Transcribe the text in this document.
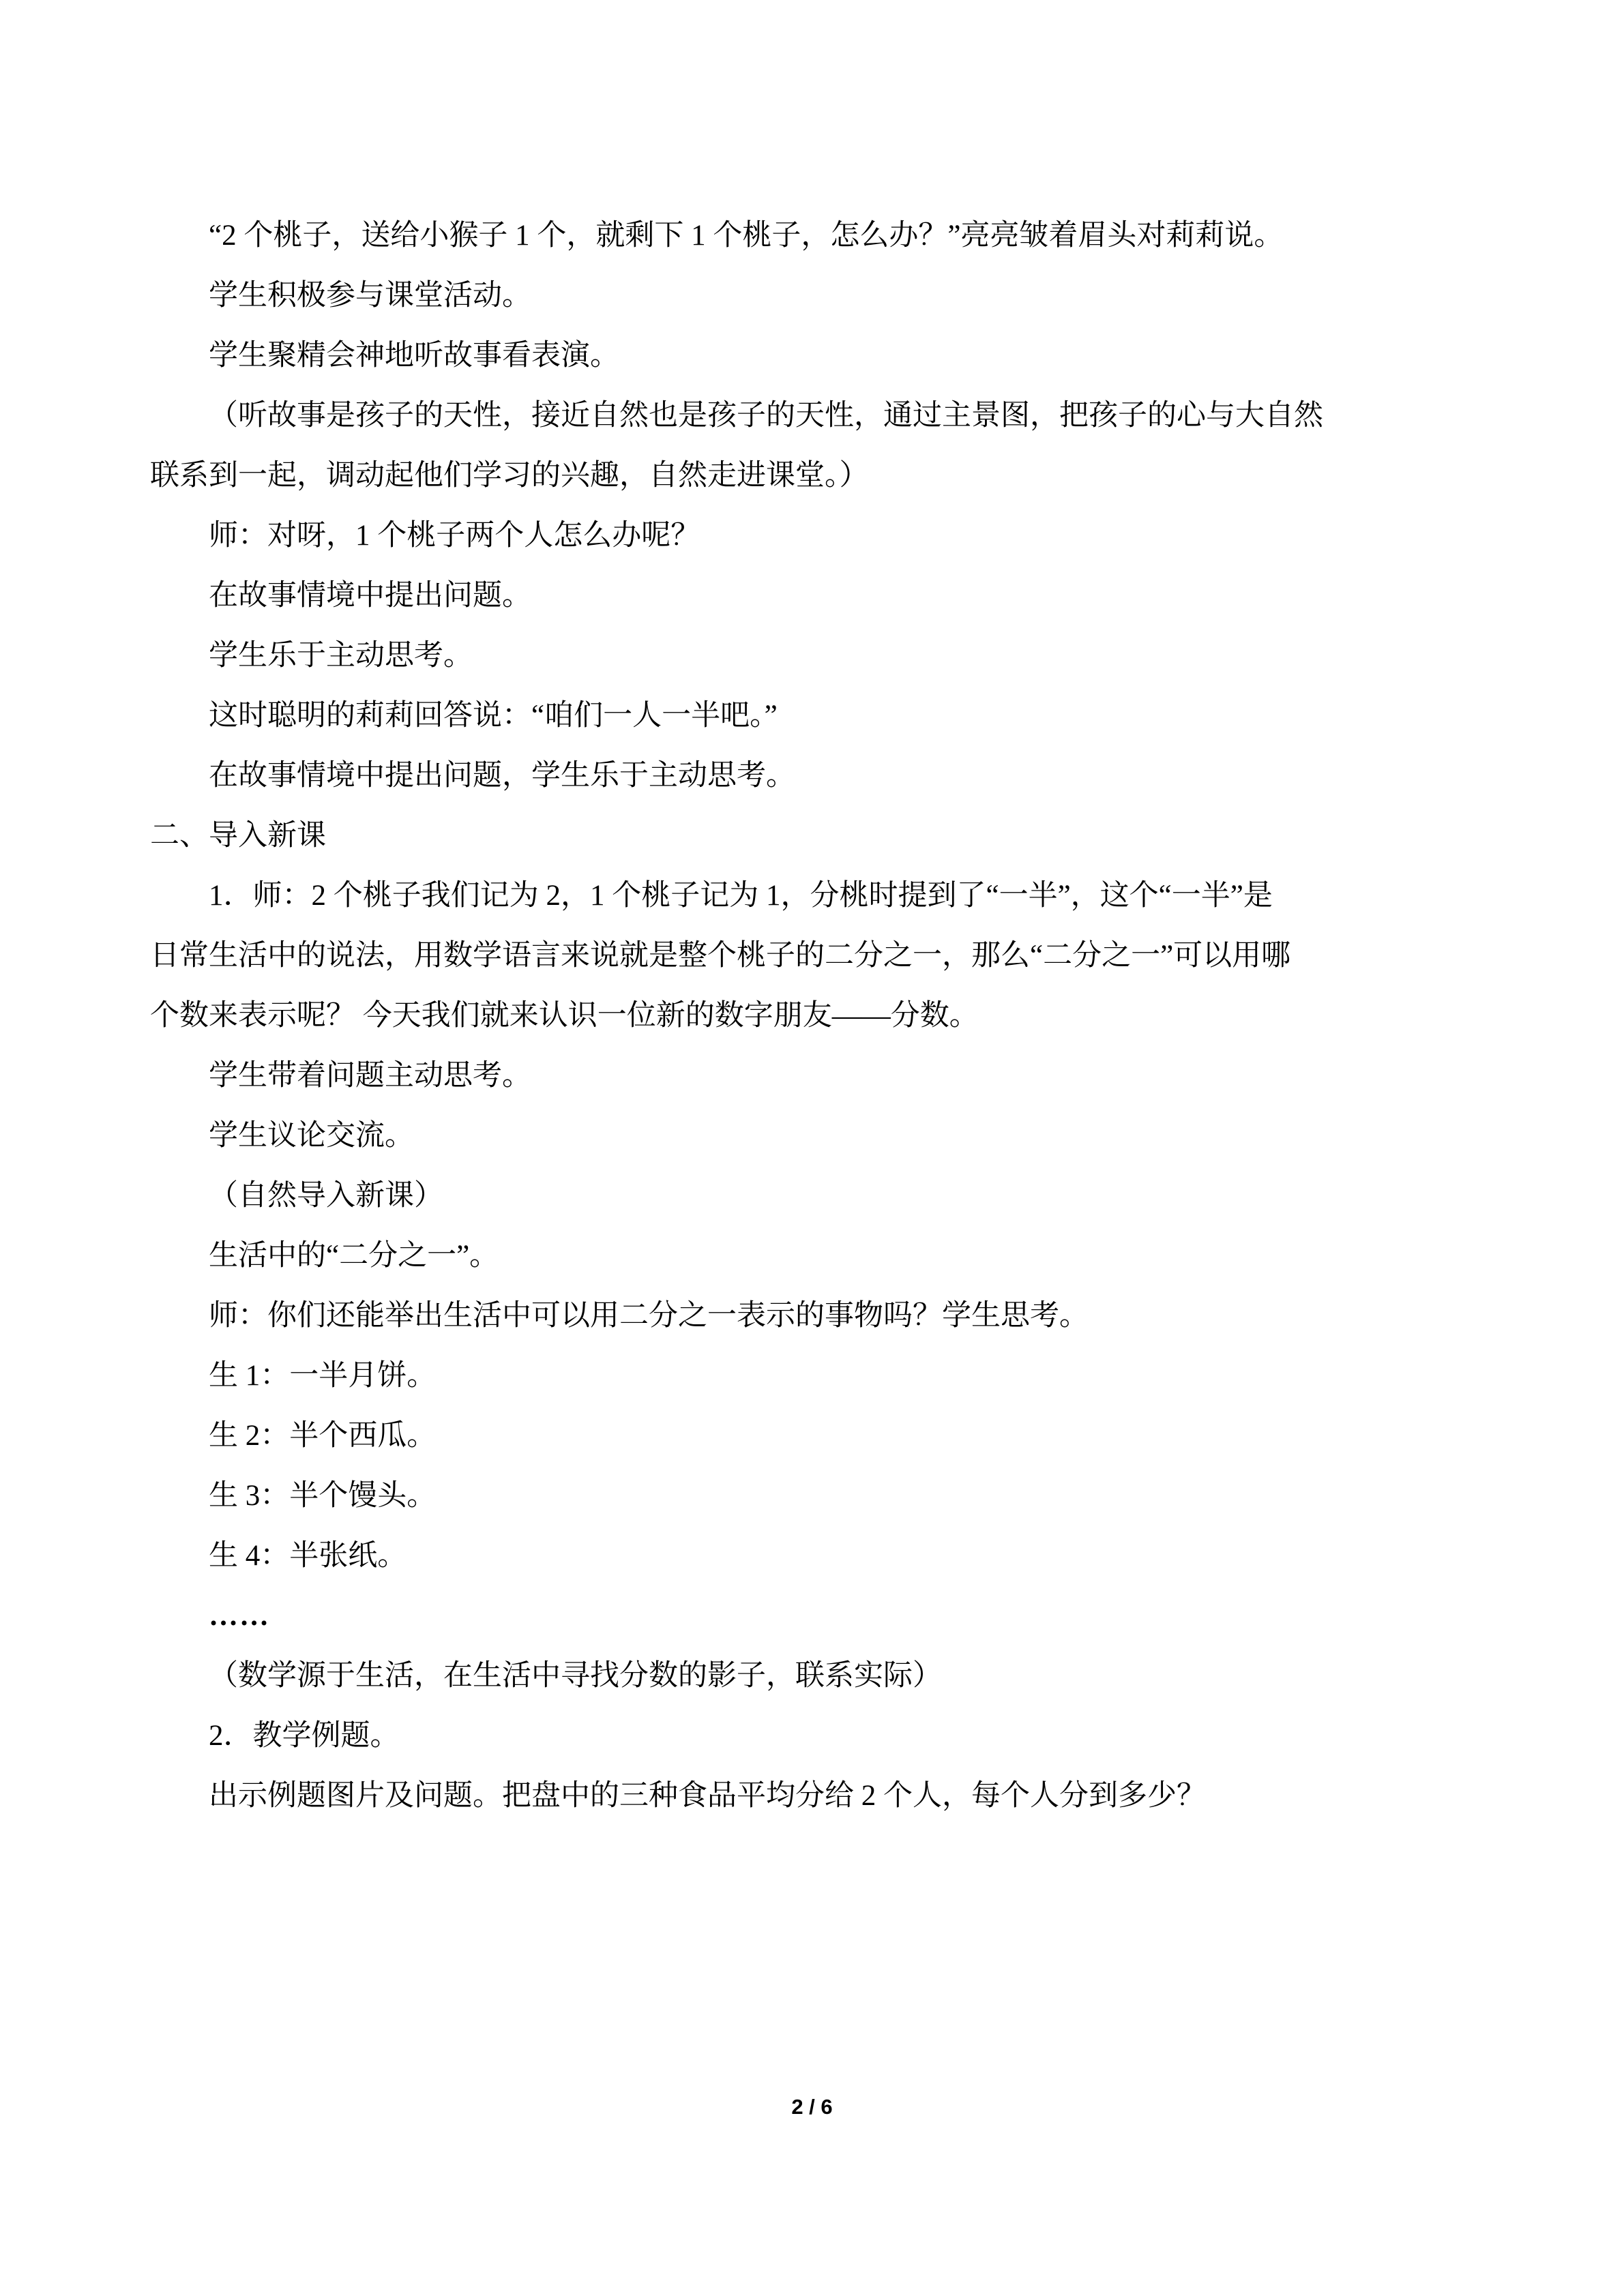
“2 个桃子，送给小猴子 1 个，就剩下 1 个桃子，怎么办？”亮亮皱着眉头对莉莉说。
学生积极参与课堂活动。
学生聚精会神地听故事看表演。
（听故事是孩子的天性，接近自然也是孩子的天性，通过主景图，把孩子的心与大自然
联系到一起，调动起他们学习的兴趣，自然走进课堂。）
师：对呀，1 个桃子两个人怎么办呢？
在故事情境中提出问题。
学生乐于主动思考。
这时聪明的莉莉回答说：“咱们一人一半吧。”
在故事情境中提出问题，学生乐于主动思考。
二、导入新课
1．师：2 个桃子我们记为 2，1 个桃子记为 1，分桃时提到了“一半”，这个“一半”是
日常生活中的说法，用数学语言来说就是整个桃子的二分之一，那么“二分之一”可以用哪
个数来表示呢？ 今天我们就来认识一位新的数字朋友——分数。
学生带着问题主动思考。
学生议论交流。
（自然导入新课）
生活中的“二分之一”。
师：你们还能举出生活中可以用二分之一表示的事物吗？学生思考。
生 1：一半月饼。
生 2：半个西瓜。
生 3：半个馒头。
生 4：半张纸。
……
（数学源于生活，在生活中寻找分数的影子，联系实际）
2．教学例题。
出示例题图片及问题。把盘中的三种食品平均分给 2 个人，每个人分到多少？
2 / 6
